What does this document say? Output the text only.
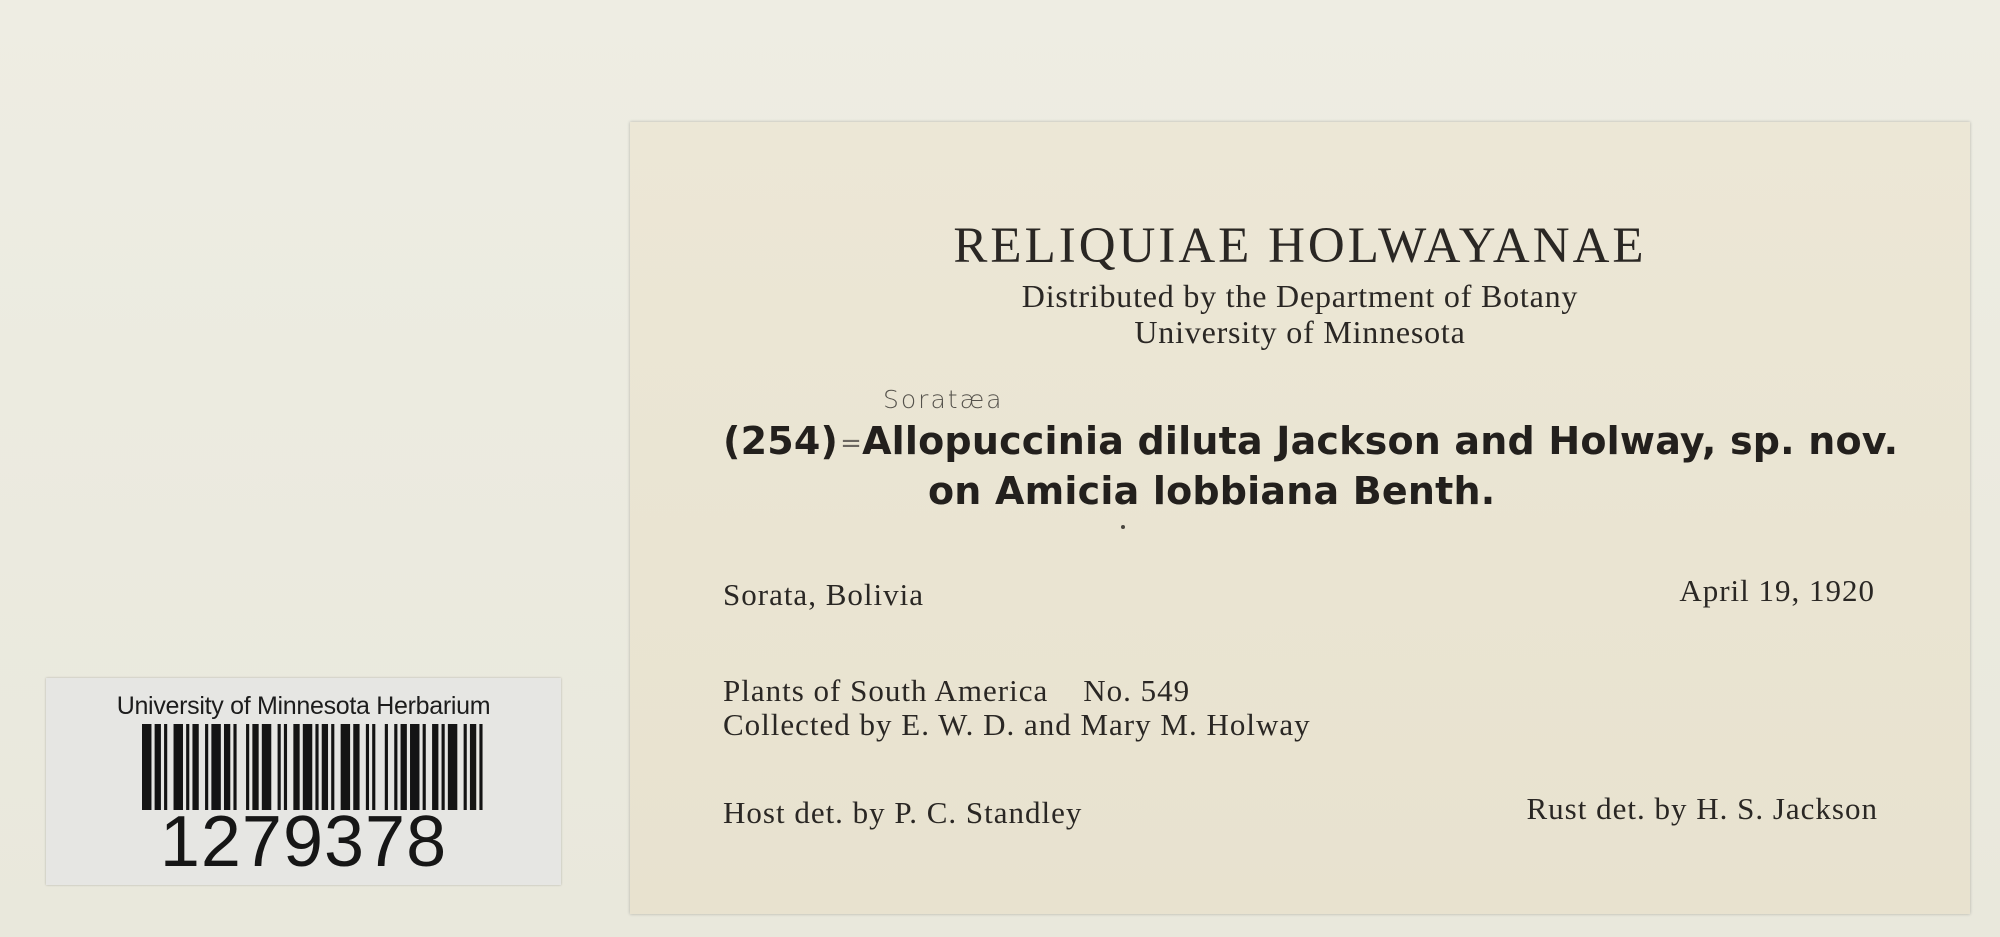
University of Minnesota Herbarium
1279378
RELIQUIAE HOLWAYANAE
Distributed by the Department of Botany
University of Minnesota
Soratæa
(254)=Allopuccinia diluta Jackson and Holway, sp. nov.
on Amicia lobbiana Benth.
Sorata, Bolivia	April 19, 1920
Plants of South America    No. 549
Collected by E. W. D. and Mary M. Holway
Host det. by P. C. Standley	Rust det. by H. S. Jackson
